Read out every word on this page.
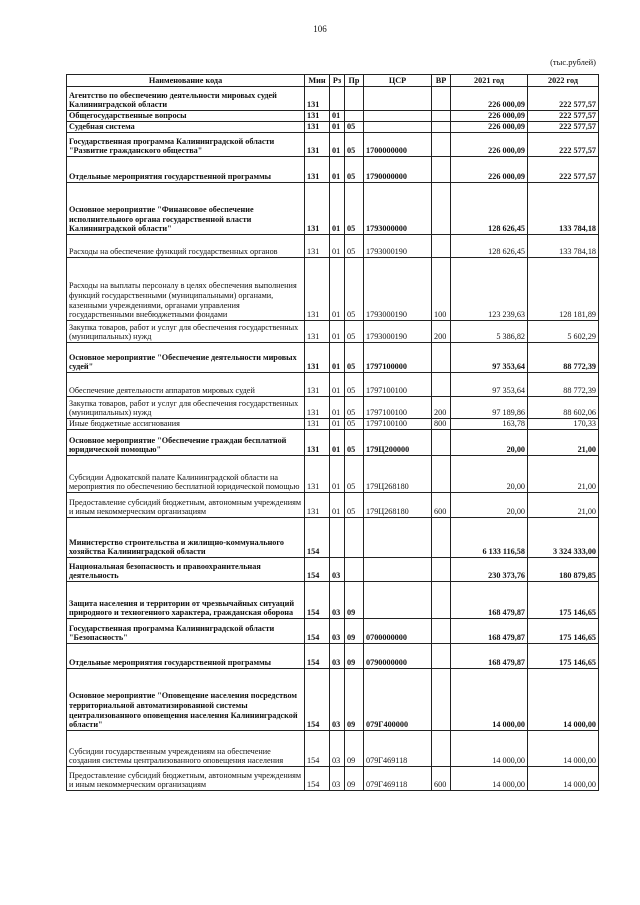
106
(тыс.рублей)
Наименование кода	Мин	Рз	Пр	ЦСР	ВР	2021 год	2022 год
Агентство по обеспечению деятельности мировых судей Калининградской области	131					226 000,09	222 577,57
Общегосударственные вопросы	131	01				226 000,09	222 577,57
Судебная система	131	01	05			226 000,09	222 577,57
Государственная программа Калининградской области "Развитие гражданского общества"	131	01	05	1700000000		226 000,09	222 577,57
Отдельные мероприятия государственной программы	131	01	05	1790000000		226 000,09	222 577,57
Основное мероприятие "Финансовое обеспечение исполнительного органа государственной власти Калининградской области"	131	01	05	1793000000		128 626,45	133 784,18
Расходы на обеспечение функций государственных органов	131	01	05	1793000190		128 626,45	133 784,18
Расходы на выплаты персоналу в целях обеспечения выполнения функций государственными (муниципальными) органами, казенными учреждениями, органами управления государственными внебюджетными фондами	131	01	05	1793000190	100	123 239,63	128 181,89
Закупка товаров, работ и услуг для обеспечения государственных (муниципальных) нужд	131	01	05	1793000190	200	5 386,82	5 602,29
Основное мероприятие "Обеспечение деятельности мировых судей"	131	01	05	1797100000		97 353,64	88 772,39
Обеспечение деятельности аппаратов мировых судей	131	01	05	1797100100		97 353,64	88 772,39
Закупка товаров, работ и услуг для обеспечения государственных (муниципальных) нужд	131	01	05	1797100100	200	97 189,86	88 602,06
Иные бюджетные ассигнования	131	01	05	1797100100	800	163,78	170,33
Основное мероприятие "Обеспечение граждан бесплатной юридической помощью"	131	01	05	179Ц200000		20,00	21,00
Субсидии Адвокатской палате Калининградской области на мероприятия по обеспечению бесплатной юридической помощью	131	01	05	179Ц268180		20,00	21,00
Предоставление субсидий бюджетным, автономным учреждениям и иным некоммерческим организациям	131	01	05	179Ц268180	600	20,00	21,00
Министерство строительства и жилищно-коммунального хозяйства Калининградской области	154					6 133 116,58	3 324 333,00
Национальная безопасность и правоохранительная деятельность	154	03				230 373,76	180 879,85
Защита населения и территории от чрезвычайных ситуаций природного и техногенного характера, гражданская оборона	154	03	09			168 479,87	175 146,65
Государственная программа Калининградской области "Безопасность"	154	03	09	0700000000		168 479,87	175 146,65
Отдельные мероприятия государственной программы	154	03	09	0790000000		168 479,87	175 146,65
Основное мероприятие "Оповещение населения посредством территориальной автоматизированной системы централизованного оповещения населения Калининградской области"	154	03	09	079Г400000		14 000,00	14 000,00
Субсидии государственным учреждениям на обеспечение создания системы централизованного оповещения населения	154	03	09	079Г469118		14 000,00	14 000,00
Предоставление субсидий бюджетным, автономным учреждениям и иным некоммерческим организациям	154	03	09	079Г469118	600	14 000,00	14 000,00
